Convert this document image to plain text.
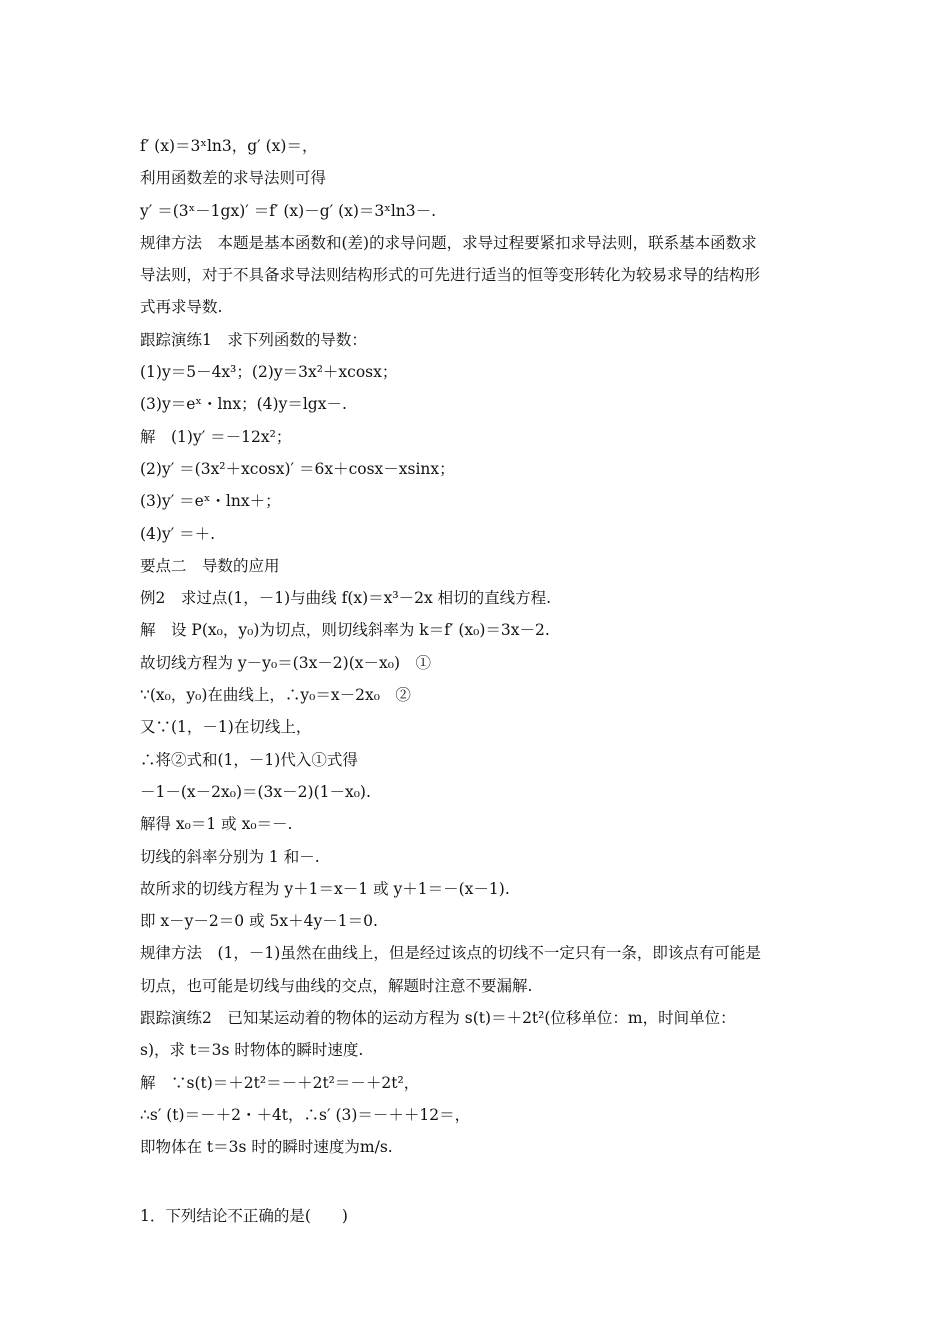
f′ (x)＝3ˣln3，g′ (x)＝，
利用函数差的求导法则可得
y′ ＝(3ˣ－1gx)′ ＝f′ (x)－g′ (x)＝3ˣln3－.
规律方法　本题是基本函数和(差)的求导问题，求导过程要紧扣求导法则，联系基本函数求
导法则，对于不具备求导法则结构形式的可先进行适当的恒等变形转化为较易求导的结构形
式再求导数.
跟踪演练1　求下列函数的导数：
(1)y＝5－4x³；(2)y＝3x²＋xcosx；
(3)y＝eˣ・lnx；(4)y＝lgx－.
解　(1)y′ ＝－12x²；
(2)y′ ＝(3x²＋xcosx)′ ＝6x＋cosx－xsinx；
(3)y′ ＝eˣ・lnx＋；
(4)y′ ＝＋.
要点二　导数的应用
例2　求过点(1，－1)与曲线 f(x)＝x³－2x 相切的直线方程.
解　设 P(x₀，y₀)为切点，则切线斜率为 k＝f′ (x₀)＝3x－2.
故切线方程为 y－y₀＝(3x－2)(x－x₀)　①
∵(x₀，y₀)在曲线上，∴y₀＝x－2x₀　②
又∵(1，－1)在切线上，
∴将②式和(1，－1)代入①式得
－1－(x－2x₀)＝(3x－2)(1－x₀).
解得 x₀＝1 或 x₀＝－.
切线的斜率分别为 1 和－.
故所求的切线方程为 y＋1＝x－1 或 y＋1＝－(x－1).
即 x－y－2＝0 或 5x＋4y－1＝0.
规律方法　(1，－1)虽然在曲线上，但是经过该点的切线不一定只有一条，即该点有可能是
切点，也可能是切线与曲线的交点，解题时注意不要漏解.
跟踪演练2　已知某运动着的物体的运动方程为 s(t)＝＋2t²(位移单位：m，时间单位：
s)，求 t＝3s 时物体的瞬时速度.
解　∵s(t)＝＋2t²＝－＋2t²＝－＋2t²，
∴s′ (t)＝－＋2・＋4t，∴s′ (3)＝－＋＋12＝，
即物体在 t＝3s 时的瞬时速度为m/s.
1．下列结论不正确的是(　　)
